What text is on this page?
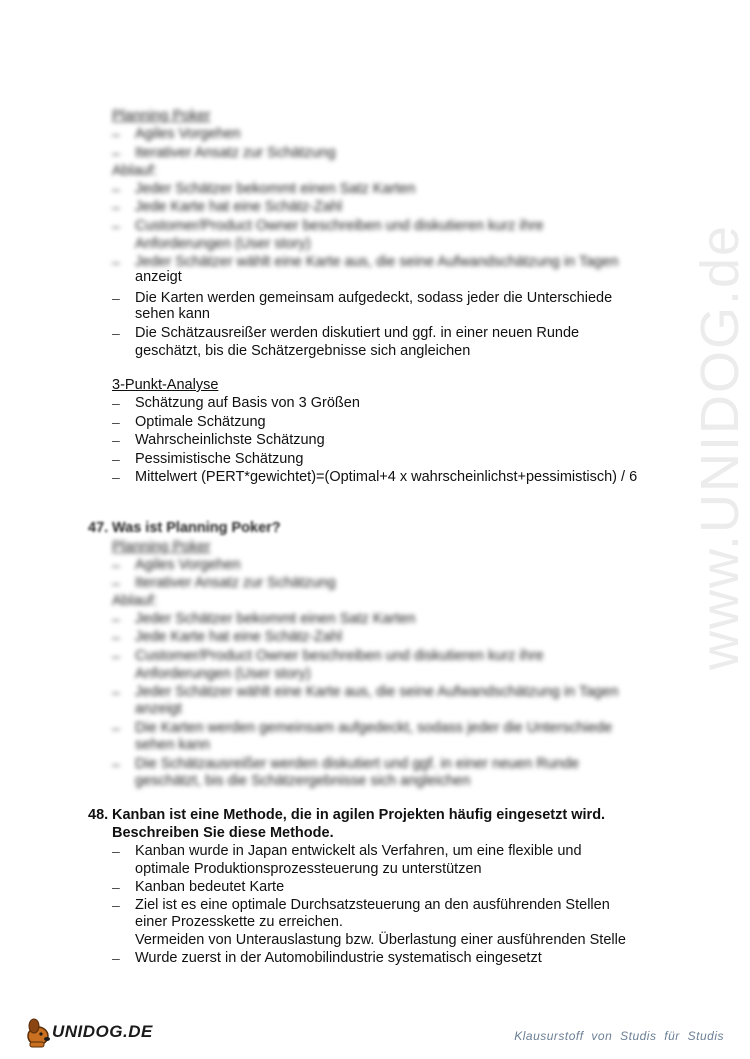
www.UNIDOG.de
Planning Poker
– Agiles Vorgehen
– Iterativer Ansatz zur Schätzung
Ablauf:
– Jeder Schätzer bekommt einen Satz Karten
– Jede Karte hat eine Schätz-Zahl
– Customer/Product Owner beschreiben und diskutieren kurz ihre
Anforderungen (User story)
– Jeder Schätzer wählt eine Karte aus, die seine Aufwandschätzung in Tagen
anzeigt
– Die Karten werden gemeinsam aufgedeckt, sodass jeder die Unterschiede
sehen kann
– Die Schätzausreißer werden diskutiert und ggf. in einer neuen Runde
geschätzt, bis die Schätzergebnisse sich angleichen
3-Punkt-Analyse
– Schätzung auf Basis von 3 Größen
– Optimale Schätzung
– Wahrscheinlichste Schätzung
– Pessimistische Schätzung
– Mittelwert (PERT*gewichtet)=(Optimal+4 x wahrscheinlichst+pessimistisch) / 6
47. Was ist Planning Poker?
Planning Poker
– Agiles Vorgehen
– Iterativer Ansatz zur Schätzung
Ablauf:
– Jeder Schätzer bekommt einen Satz Karten
– Jede Karte hat eine Schätz-Zahl
– Customer/Product Owner beschreiben und diskutieren kurz ihre
Anforderungen (User story)
– Jeder Schätzer wählt eine Karte aus, die seine Aufwandschätzung in Tagen
anzeigt
– Die Karten werden gemeinsam aufgedeckt, sodass jeder die Unterschiede
sehen kann
– Die Schätzausreißer werden diskutiert und ggf. in einer neuen Runde
geschätzt, bis die Schätzergebnisse sich angleichen
48. Kanban ist eine Methode, die in agilen Projekten häufig eingesetzt wird.
Beschreiben Sie diese Methode.
– Kanban wurde in Japan entwickelt als Verfahren, um eine flexible und
optimale Produktionsprozessteuerung zu unterstützen
– Kanban bedeutet Karte
– Ziel ist es eine optimale Durchsatzsteuerung an den ausführenden Stellen
einer Prozesskette zu erreichen.
Vermeiden von Unterauslastung bzw. Überlastung einer ausführenden Stelle
– Wurde zuerst in der Automobilindustrie systematisch eingesetzt
UNIDOG.DE	Klausurstoff von Studis für Studis
